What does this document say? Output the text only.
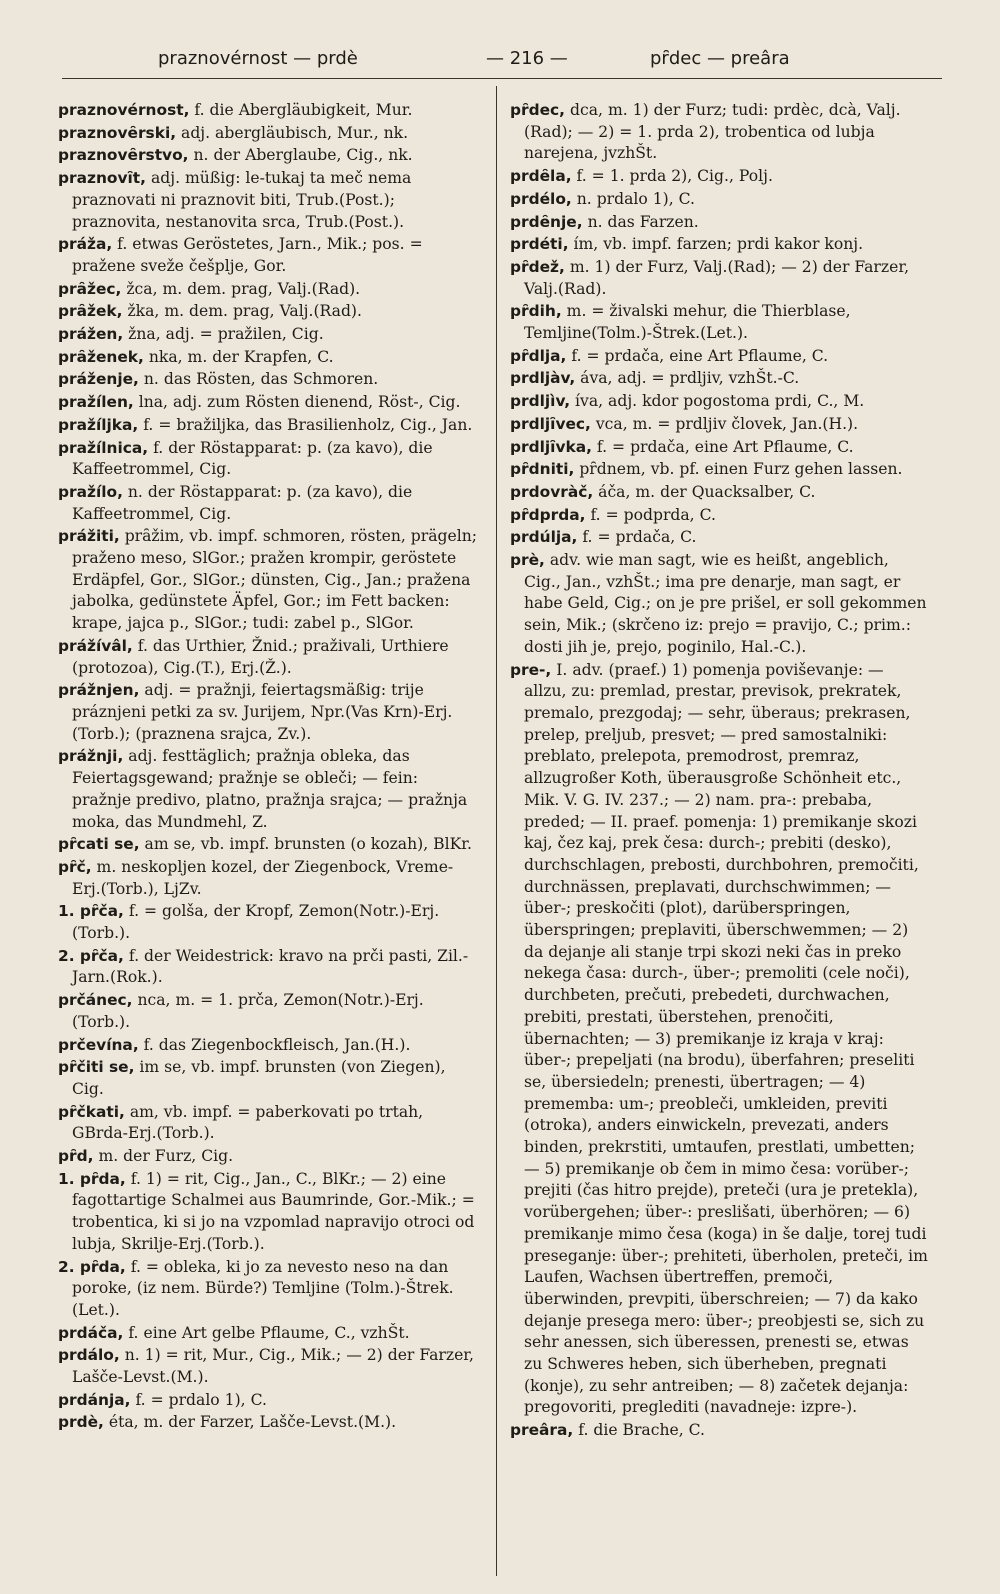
praznovérnost — prdè	— 216 —	pȓdec — preâra

praznovérnost, f. die Abergläubigkeit, Mur.

praznovȇrski, adj. abergläubisch, Mur., nk.

praznovȇrstvo, n. der Aberglaube, Cig., nk.

praznovȋt, adj. müßig: le-tukaj ta meč nema praznovati ni praznovit biti, Trub.(Post.); praznovita, nestanovita srca, Trub.(Post.).

práža, f. etwas Geröstetes, Jarn., Mik.; pos. = pražene sveže češplje, Gor.

prȃžec, žca, m. dem. prag, Valj.(Rad).

prȃžek, žka, m. dem. prag, Valj.(Rad).

prážen, žna, adj. = pražilen, Cig.

prȃženek, nka, m. der Krapfen, C.

práženje, n. das Rösten, das Schmoren.

pražílen, lna, adj. zum Rösten dienend, Röst-, Cig.

pražíljka, f. = bražiljka, das Brasilienholz, Cig., Jan.

pražílnica, f. der Röstapparat: p. (za kavo), die Kaffeetrommel, Cig.

pražílo, n. der Röstapparat: p. (za kavo), die Kaffeetrommel, Cig.

prážiti, prȃžim, vb. impf. schmoren, rösten, prägeln; praženo meso, SlGor.; pražen krompir, geröstete Erdäpfel, Gor., SlGor.; dünsten, Cig., Jan.; pražena jabolka, gedünstete Äpfel, Gor.; im Fett backen: krape, jajca p., SlGor.; tudi: zabel p., SlGor.

prážívâl, f. das Urthier, Žnid.; praživali, Urthiere (protozoa), Cig.(T.), Erj.(Ž.).

prážnjen, adj. = pražnji, feiertagsmäßig: trije práznjeni petki za sv. Jurijem, Npr.(Vas Krn)-Erj.(Torb.); (praznena srajca, Zv.).

prážnji, adj. festtäglich; pražnja obleka, das Feiertagsgewand; pražnje se obleči; — fein: pražnje predivo, platno, pražnja srajca; — pražnja moka, das Mundmehl, Z.

pȓcati se, am se, vb. impf. brunsten (o kozah), BlKr.

pȓč, m. neskopljen kozel, der Ziegenbock, Vreme-Erj.(Torb.), LjZv.

1. pȓča, f. = golša, der Kropf, Zemon(Notr.)-Erj.(Torb.).

2. pȓča, f. der Weidestrick: kravo na prči pasti, Zil.-Jarn.(Rok.).

prčánec, nca, m. = 1. prča, Zemon(Notr.)-Erj.(Torb.).

prčevína, f. das Ziegenbockfleisch, Jan.(H.).

pȓčiti se, im se, vb. impf. brunsten (von Ziegen), Cig.

pȓčkati, am, vb. impf. = paberkovati po trtah, GBrda-Erj.(Torb.).

pȓd, m. der Furz, Cig.

1. pȓda, f. 1) = rit, Cig., Jan., C., BlKr.; — 2) eine fagottartige Schalmei aus Baumrinde, Gor.-Mik.; = trobentica, ki si jo na vzpomlad napravijo otroci od lubja, Skrilje-Erj.(Torb.).

2. pȓda, f. = obleka, ki jo za nevesto neso na dan poroke, (iz nem. Bürde?) Temljine (Tolm.)-Štrek.(Let.).

prdáča, f. eine Art gelbe Pflaume, C., vzhŠt.

prdálo, n. 1) = rit, Mur., Cig., Mik.; — 2) der Farzer, Lašče-Levst.(M.).

prdánja, f. = prdalo 1), C.

prdè, éta, m. der Farzer, Lašče-Levst.(M.).

pȓdec, dca, m. 1) der Furz; tudi: prdèc, dcà, Valj.(Rad); — 2) = 1. prda 2), trobentica od lubja narejena, jvzhŠt.

prdȇla, f. = 1. prda 2), Cig., Polj.

prdélo, n. prdalo 1), C.

prdȇnje, n. das Farzen.

prdéti, ím, vb. impf. farzen; prdi kakor konj.

pȓdež, m. 1) der Furz, Valj.(Rad); — 2) der Farzer, Valj.(Rad).

pȓdih, m. = živalski mehur, die Thierblase, Temljine(Tolm.)-Štrek.(Let.).

pȓdlja, f. = prdača, eine Art Pflaume, C.

prdljàv, áva, adj. = prdljiv, vzhŠt.-C.

prdljìv, íva, adj. kdor pogostoma prdi, C., M.

prdljȋvec, vca, m. = prdljiv človek, Jan.(H.).

prdljȋvka, f. = prdača, eine Art Pflaume, C.

pȓdniti, pȓdnem, vb. pf. einen Furz gehen lassen.

prdovràč, áča, m. der Quacksalber, C.

pȓdprda, f. = podprda, C.

prdúlja, f. = prdača, C.

prè, adv. wie man sagt, wie es heißt, angeblich, Cig., Jan., vzhŠt.; ima pre denarje, man sagt, er habe Geld, Cig.; on je pre prišel, er soll gekommen sein, Mik.; (skrčeno iz: prejo = pravijo, C.; prim.: dosti jih je, prejo, poginilo, Hal.-C.).

pre-, I. adv. (praef.) 1) pomenja poviševanje: — allzu, zu: premlad, prestar, previsok, prekratek, premalo, prezgodaj; — sehr, überaus; prekrasen, prelep, preljub, presvet; — pred samostalniki: preblato, prelepota, premodrost, premraz, allzugroßer Koth, überausgroße Schönheit etc., Mik. V. G. IV. 237.; — 2) nam. pra-: prebaba, preded; — II. praef. pomenja: 1) premikanje skozi kaj, čez kaj, prek česa: durch-; prebiti (desko), durchschlagen, prebosti, durchbohren, premočiti, durchnässen, preplavati, durchschwimmen; — über-; preskočiti (plot), darüberspringen, überspringen; preplaviti, überschwemmen; — 2) da dejanje ali stanje trpi skozi neki čas in preko nekega časa: durch-, über-; premoliti (cele noči), durchbeten, prečuti, prebedeti, durchwachen, prebiti, prestati, überstehen, prenočiti, übernachten; — 3) premikanje iz kraja v kraj: über-; prepeljati (na brodu), überfahren; preseliti se, übersiedeln; prenesti, übertragen; — 4) prememba: um-; preobleči, umkleiden, previti (otroka), anders einwickeln, prevezati, anders binden, prekrstiti, umtaufen, prestlati, umbetten; — 5) premikanje ob čem in mimo česa: vorüber-; prejiti (čas hitro prejde), preteči (ura je pretekla), vorübergehen; über-: preslišati, überhören; — 6) premikanje mimo česa (koga) in še dalje, torej tudi preseganje: über-; prehiteti, überholen, preteči, im Laufen, Wachsen übertreffen, premoči, überwinden, prevpiti, überschreien; — 7) da kako dejanje presega mero: über-; preobjesti se, sich zu sehr anessen, sich überessen, prenesti se, etwas zu Schweres heben, sich überheben, pregnati (konje), zu sehr antreiben; — 8) začetek dejanja: pregovoriti, preglediti (navadneje: izpre-).

preâra, f. die Brache, C.
